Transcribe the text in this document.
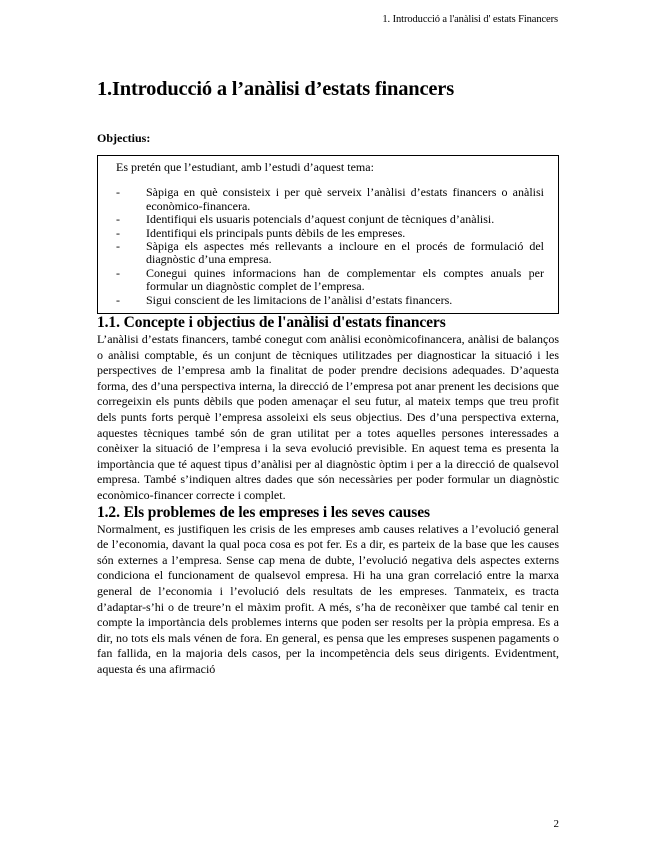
1. Introducció a l'anàlisi d' estats Financers
1.Introducció a l’anàlisi d’estats financers
Objectius:
Es pretén que l’estudiant, amb l’estudi d’aquest tema:
-	Sàpiga en què consisteix i per què serveix l’anàlisi d’estats financers o anàlisi econòmico-financera.
-	Identifiqui els usuaris potencials d’aquest conjunt de tècniques d’anàlisi.
-	Identifiqui els principals punts dèbils de les empreses.
-	Sàpiga els aspectes més rellevants a incloure en el procés de formulació del diagnòstic d’una empresa.
-	Conegui quines informacions han de complementar els comptes anuals per formular un diagnòstic complet de l’empresa.
-	Sigui conscient de les limitacions de l’anàlisi d’estats financers.
1.1. Concepte i objectius de l'anàlisi d'estats financers

L’anàlisi d’estats financers, també conegut com anàlisi econòmicofinancera, anàlisi de balanços o anàlisi comptable, és un conjunt de tècniques utilitzades per diagnosticar la situació i les perspectives de l’empresa amb la finalitat de poder prendre decisions adequades. D’aquesta forma, des d’una perspectiva interna, la direcció de l’empresa pot anar prenent les decisions que corregeixin els punts dèbils que poden amenaçar el seu futur, al mateix temps que treu profit dels punts forts perquè l’empresa assoleixi els seus objectius. Des d’una perspectiva externa, aquestes tècniques també són de gran utilitat per a totes aquelles persones interessades a conèixer la situació de l’empresa i la seva evolució previsible. En aquest tema es presenta la importància que té aquest tipus d’anàlisi per al diagnòstic òptim i per a la direcció de qualsevol empresa. També s’indiquen altres dades que són necessàries per poder formular un diagnòstic econòmico-financer correcte i complet.

1.2. Els problemes de les empreses i les seves causes

Normalment, es justifiquen les crisis de les empreses amb causes relatives a l’evolució general de l’economia, davant la qual poca cosa es pot fer. Es a dir, es parteix de la base que les causes són externes a l’empresa. Sense cap mena de dubte, l’evolució negativa dels aspectes externs condiciona el funcionament de qualsevol empresa. Hi ha una gran correlació entre la marxa general de l’economia i l’evolució dels resultats de les empreses. Tanmateix, es tracta d’adaptar-s’hi o de treure’n el màxim profit. A més, s’ha de reconèixer que també cal tenir en compte la importància dels problemes interns que poden ser resolts per la pròpia empresa. Es a dir, no tots els mals vénen de fora. En general, es pensa que les empreses suspenen pagaments o fan fallida, en la majoria dels casos, per la incompetència dels seus dirigents. Evidentment, aquesta és una afirmació

2
